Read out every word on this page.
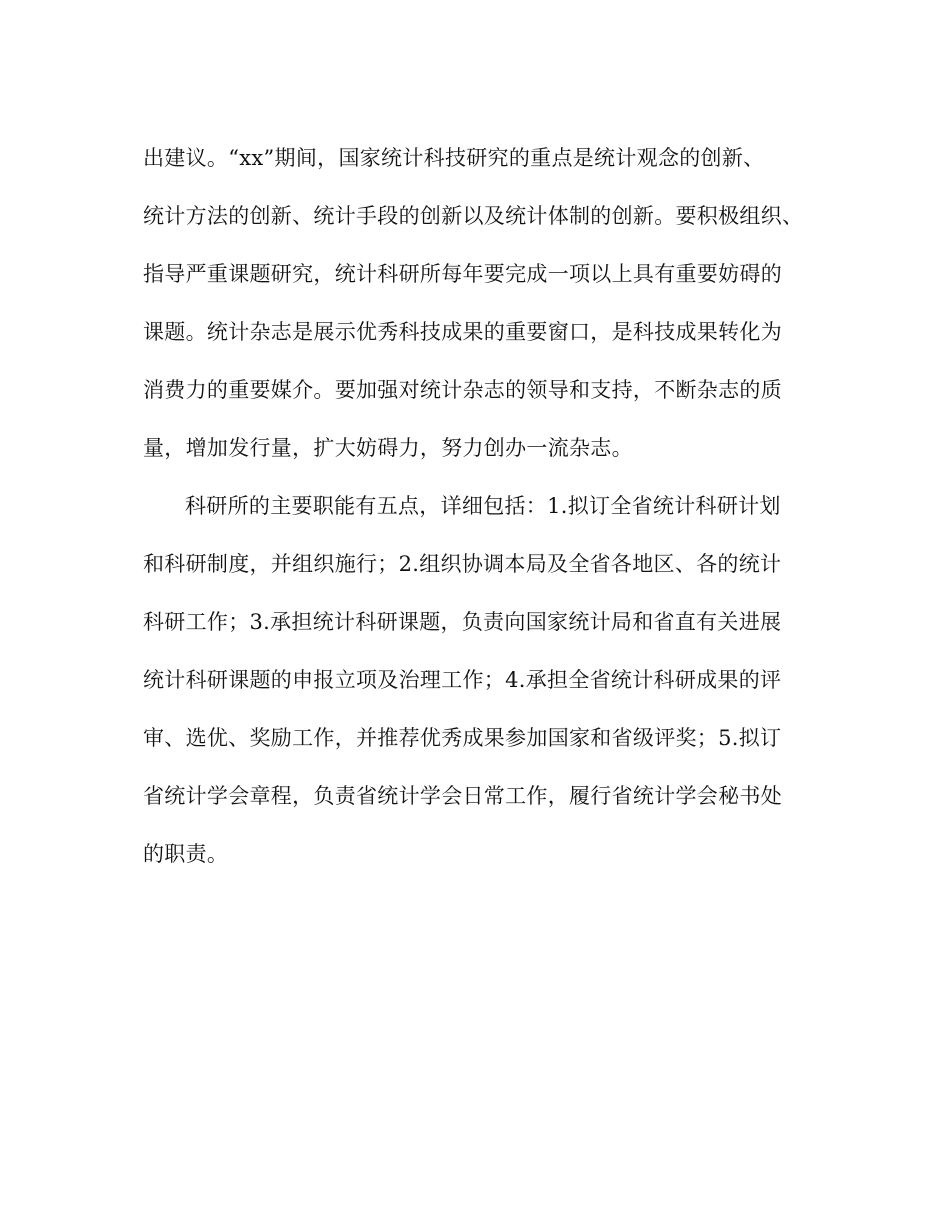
出建议。“xx”期间，国家统计科技研究的重点是统计观念的创新、
统计方法的创新、统计手段的创新以及统计体制的创新。要积极组织、
指导严重课题研究，统计科研所每年要完成一项以上具有重要妨碍的
课题。统计杂志是展示优秀科技成果的重要窗口，是科技成果转化为
消费力的重要媒介。要加强对统计杂志的领导和支持，不断杂志的质
量，增加发行量，扩大妨碍力，努力创办一流杂志。

科研所的主要职能有五点，详细包括：1.拟订全省统计科研计划
和科研制度，并组织施行；2.组织协调本局及全省各地区、各的统计
科研工作；3.承担统计科研课题，负责向国家统计局和省直有关进展
统计科研课题的申报立项及治理工作；4.承担全省统计科研成果的评
审、选优、奖励工作，并推荐优秀成果参加国家和省级评奖；5.拟订
省统计学会章程，负责省统计学会日常工作，履行省统计学会秘书处
的职责。
